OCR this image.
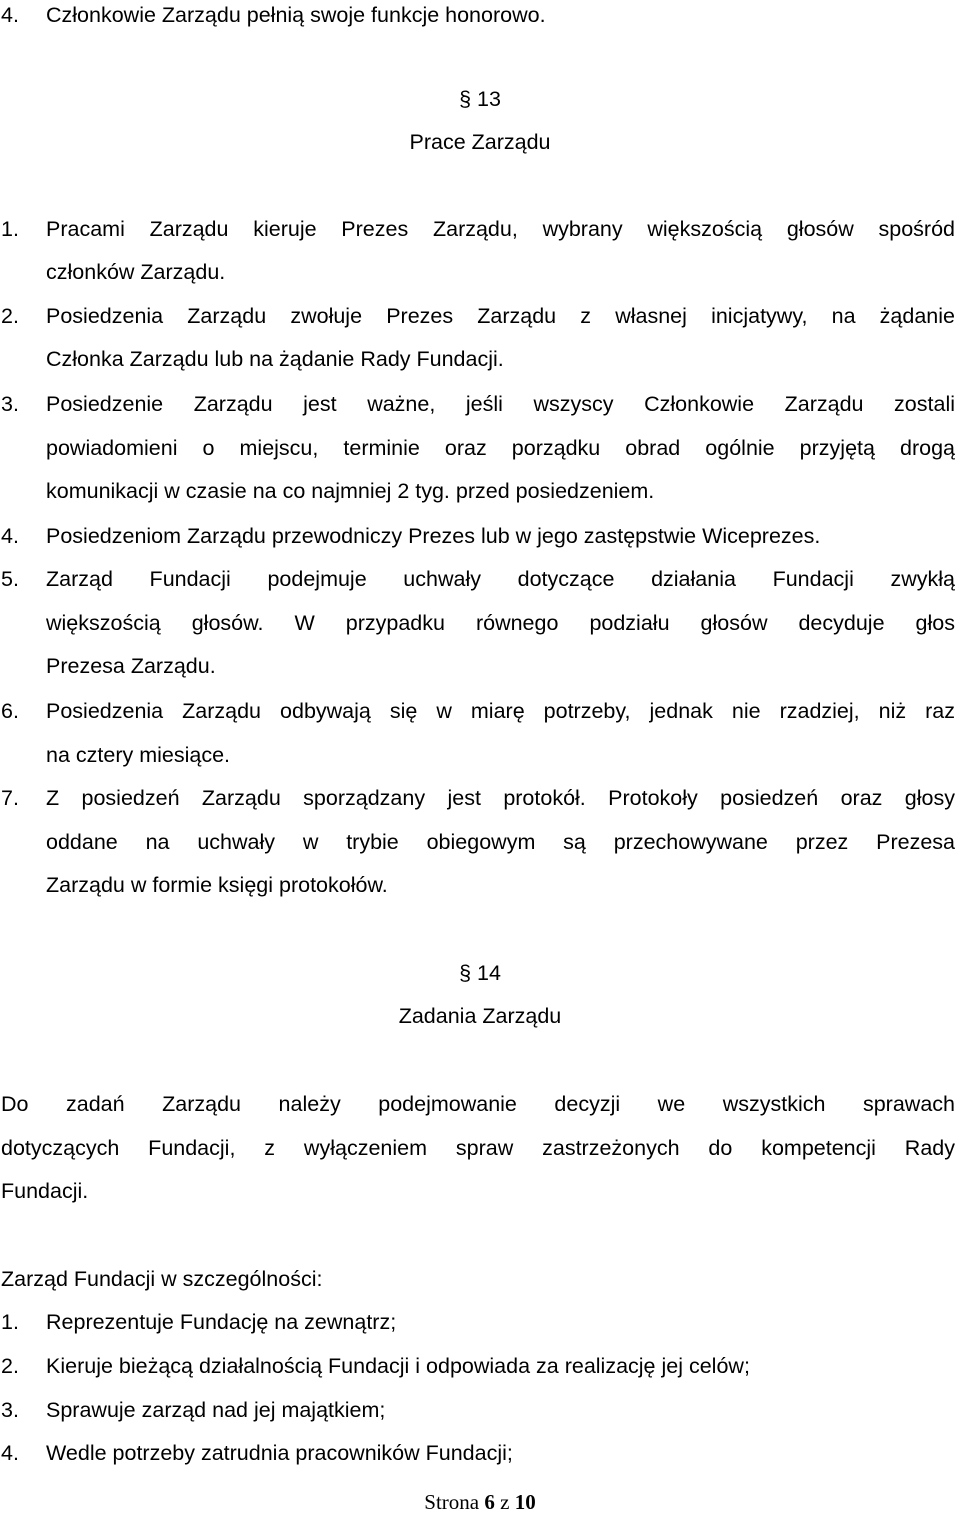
4. Członkowie Zarządu pełnią swoje funkcje honorowo.
§ 13
Prace Zarządu
1. Pracami Zarządu kieruje Prezes Zarządu, wybrany większością głosów spośród
członków Zarządu.
2. Posiedzenia Zarządu zwołuje Prezes Zarządu z własnej inicjatywy, na żądanie
Członka Zarządu lub na żądanie Rady Fundacji.
3. Posiedzenie Zarządu jest ważne, jeśli wszyscy Członkowie Zarządu zostali
powiadomieni o miejscu, terminie oraz porządku obrad ogólnie przyjętą drogą
komunikacji w czasie na co najmniej 2 tyg. przed posiedzeniem.
4. Posiedzeniom Zarządu przewodniczy Prezes lub w jego zastępstwie Wiceprezes.
5. Zarząd Fundacji podejmuje uchwały dotyczące działania Fundacji zwykłą
większością głosów. W przypadku równego podziału głosów decyduje głos
Prezesa Zarządu.
6. Posiedzenia Zarządu odbywają się w miarę potrzeby, jednak nie rzadziej, niż raz
na cztery miesiące.
7. Z posiedzeń Zarządu sporządzany jest protokół. Protokoły posiedzeń oraz głosy
oddane na uchwały w trybie obiegowym są przechowywane przez Prezesa
Zarządu w formie księgi protokołów.
§ 14
Zadania Zarządu
Do zadań Zarządu należy podejmowanie decyzji we wszystkich sprawach
dotyczących Fundacji, z wyłączeniem spraw zastrzeżonych do kompetencji Rady
Fundacji.
Zarząd Fundacji w szczególności:
1. Reprezentuje Fundację na zewnątrz;
2. Kieruje bieżącą działalnością Fundacji i odpowiada za realizację jej celów;
3. Sprawuje zarząd nad jej majątkiem;
4. Wedle potrzeby zatrudnia pracowników Fundacji;
Strona 6 z 10
